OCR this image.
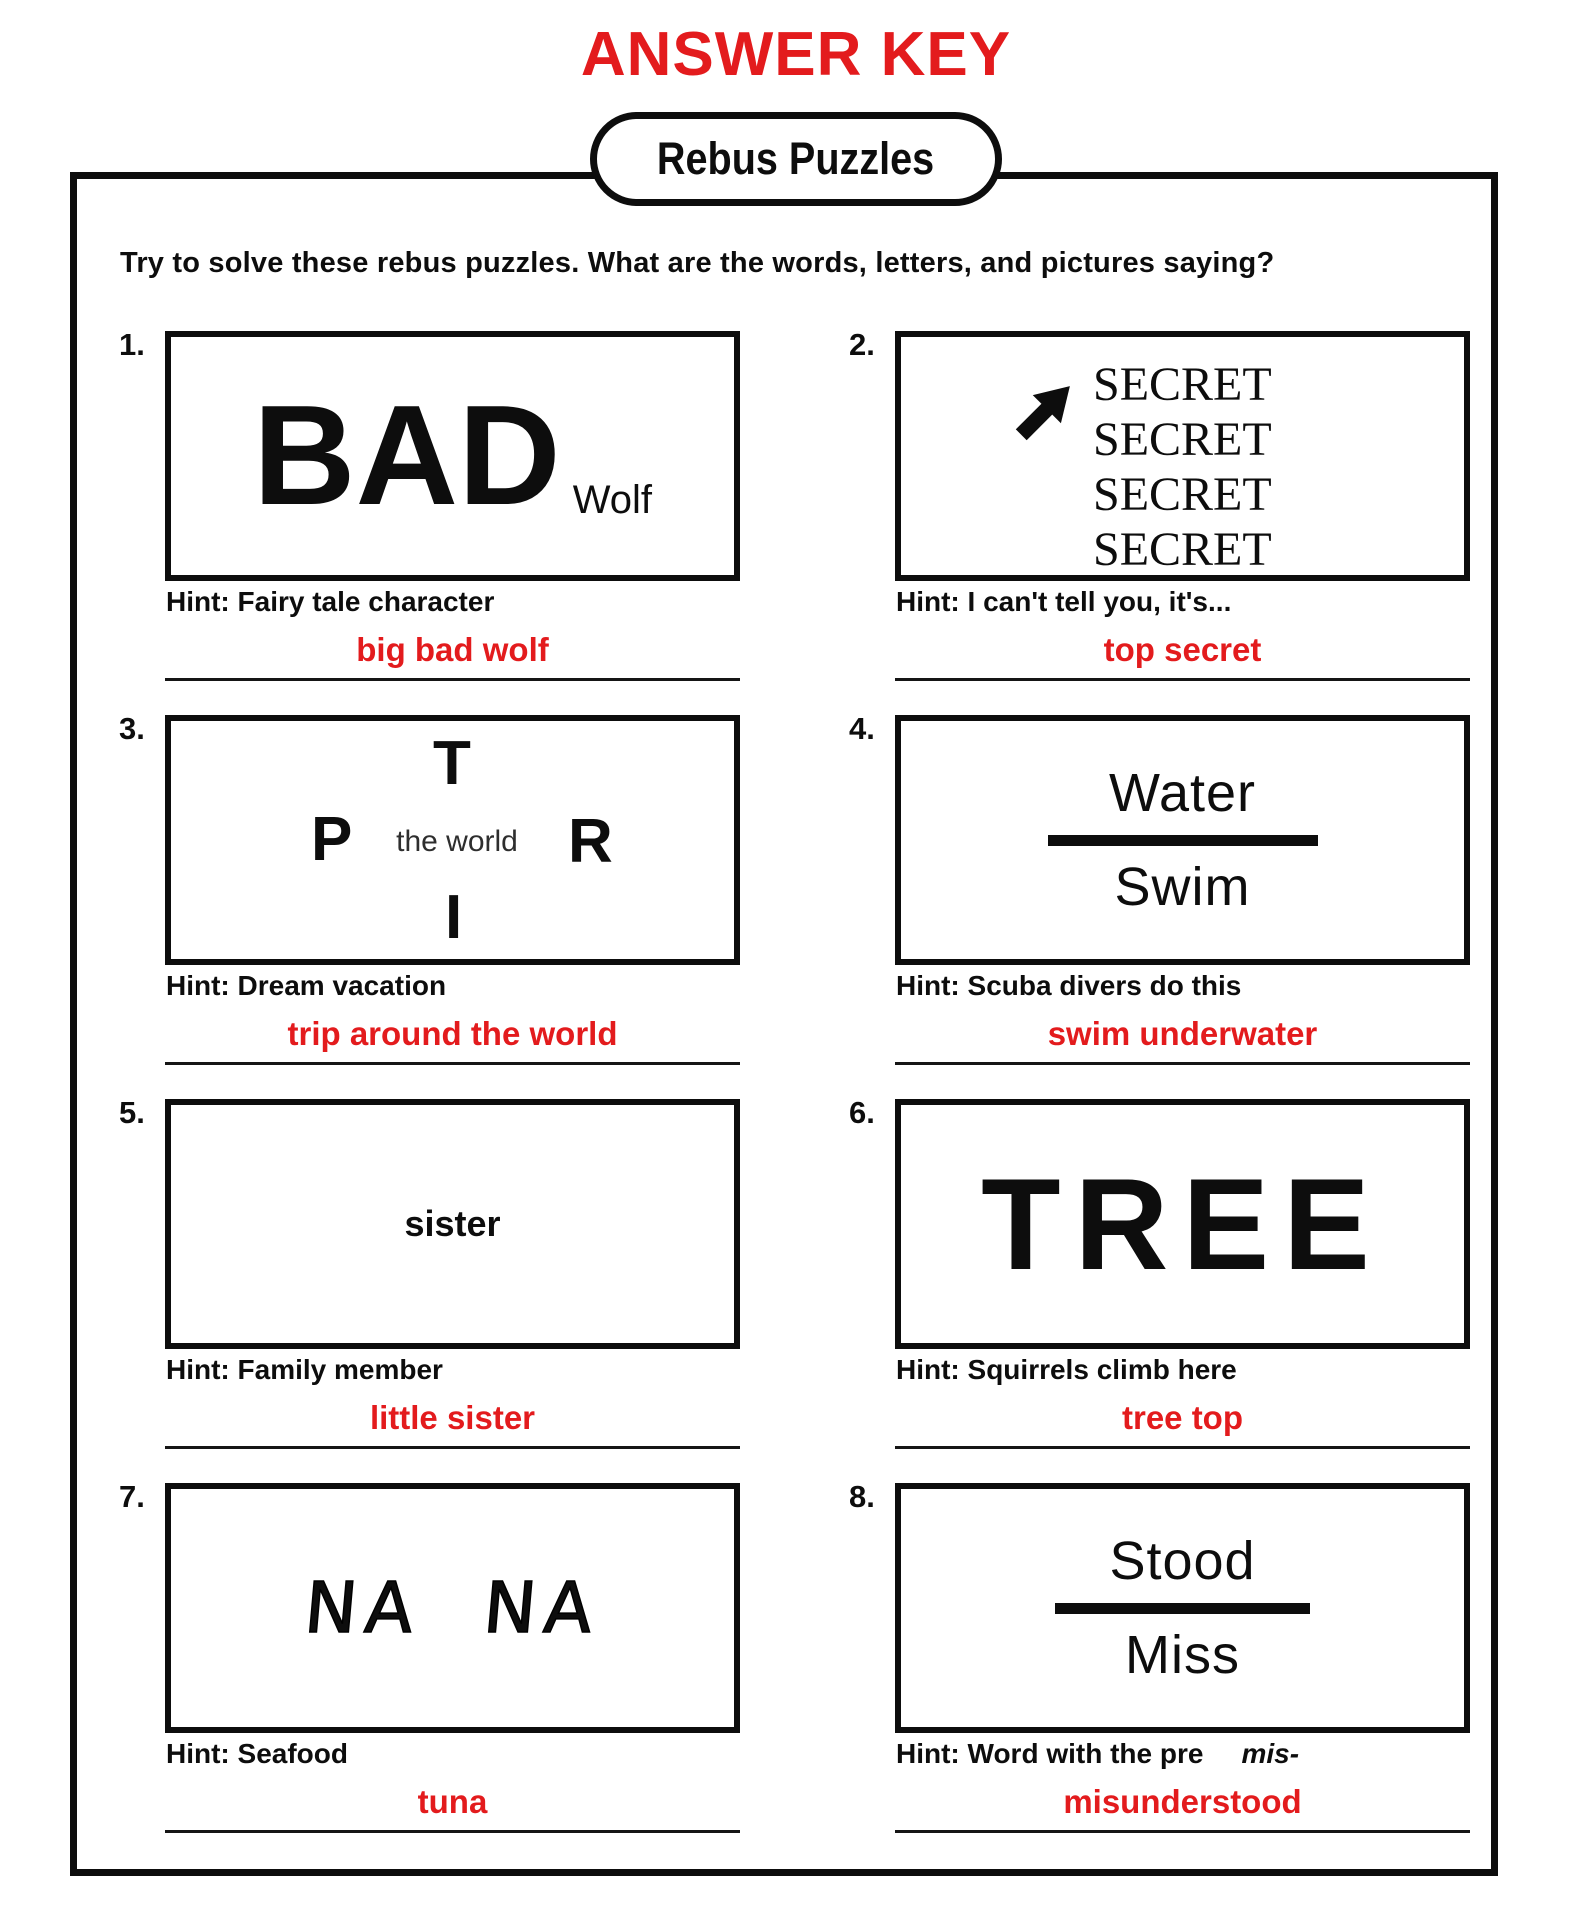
ANSWER KEY
Rebus Puzzles
Try to solve these rebus puzzles. What are the words, letters, and pictures saying?
1.
BAD Wolf
Hint: Fairy tale character
big bad wolf
2.
SECRET
SECRET
SECRET
SECRET
Hint: I can't tell you, it's...
top secret
3.
T
P	the world R
I
Hint: Dream vacation
trip around the world
4.
Water
Swim
Hint: Scuba divers do this
swim underwater
5.
sister
Hint: Family member
little sister
6.
TREE
Hint: Squirrels climb here
tree top
7.
NA NA
Hint: Seafood
tuna
8.
Stood
Miss
Hint: Word with the pre mis-
misunderstood
